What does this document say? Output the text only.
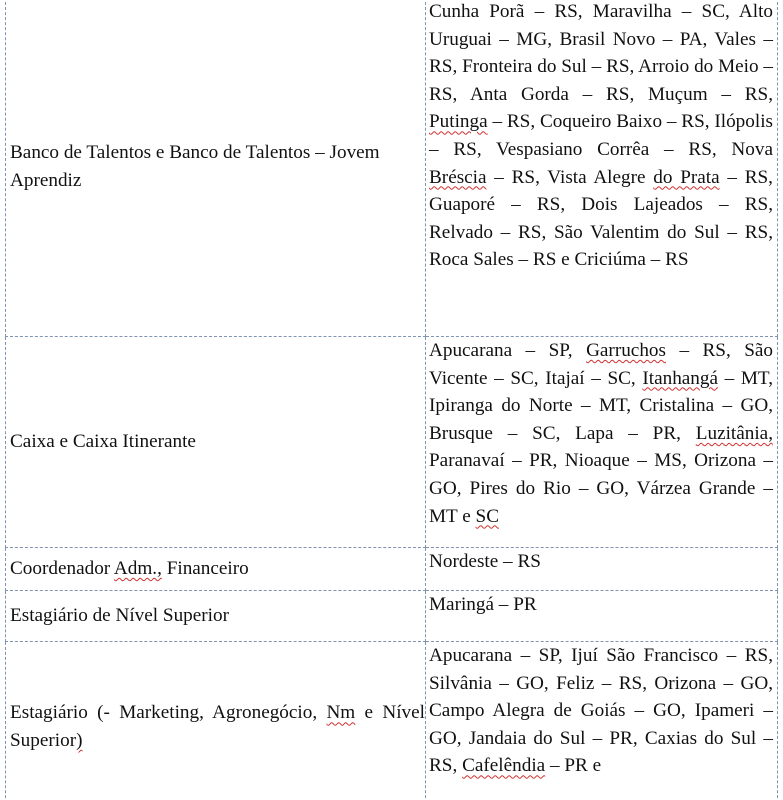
Banco de Talentos e Banco de Talentos – Jovem Aprendiz	Cunha Porã – RS, Maravilha – SC, Alto Uruguai – MG, Brasil Novo – PA, Vales – RS, Fronteira do Sul – RS, Arroio do Meio – RS, Anta Gorda – RS, Muçum – RS, Putinga – RS, Coqueiro Baixo – RS, Ilópolis – RS, Vespasiano Corrêa – RS, Nova Bréscia – RS, Vista Alegre do Prata – RS, Guaporé – RS, Dois Lajeados – RS, Relvado – RS, São Valentim do Sul – RS, Roca Sales – RS e Criciúma – RS
Caixa e Caixa Itinerante	Apucarana – SP, Garruchos – RS, São Vicente – SC, Itajaí – SC, Itanhangá – MT, Ipiranga do Norte – MT, Cristalina – GO, Brusque – SC, Lapa – PR, Luzitânia, Paranavaí – PR, Nioaque – MS, Orizona – GO, Pires do Rio – GO, Várzea Grande – MT e SC
Coordenador Adm., Financeiro	Nordeste – RS
Estagiário de Nível Superior	Maringá – PR
Estagiário (- Marketing, Agronegócio, Nm e Nível Superior)	Apucarana – SP, Ijuí São Francisco – RS, Silvânia – GO, Feliz – RS, Orizona – GO, Campo Alegra de Goiás – GO, Ipameri – GO, Jandaia do Sul – PR, Caxias do Sul – RS, Cafelêndia – PR e
